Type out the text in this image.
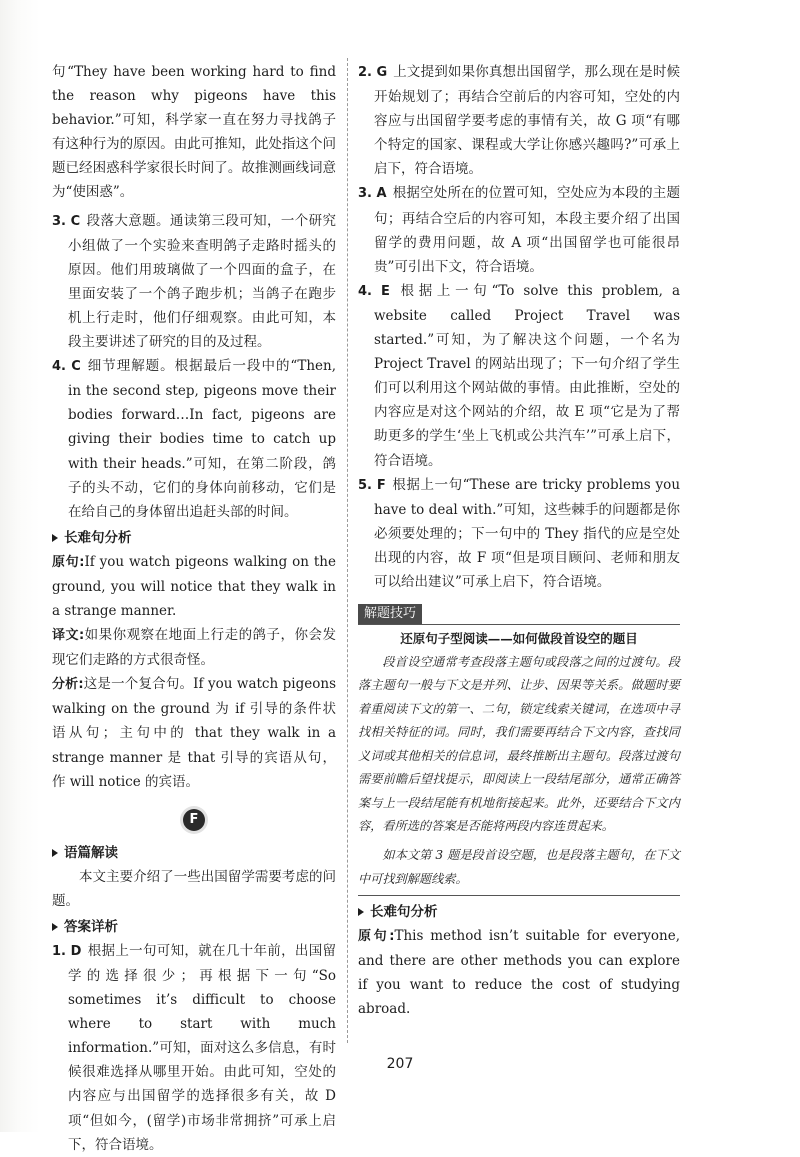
句“They have been working hard to find the reason why pigeons have this behavior.”可知，科学家一直在努力寻找鸽子有这种行为的原因。由此可推知，此处指这个问题已经困惑科学家很长时间了。故推测画线词意为“使困惑”。

3. C 段落大意题。通读第三段可知，一个研究小组做了一个实验来查明鸽子走路时摇头的原因。他们用玻璃做了一个四面的盒子，在里面安装了一个鸽子跑步机；当鸽子在跑步机上行走时，他们仔细观察。由此可知，本段主要讲述了研究的目的及过程。
4. C 细节理解题。根据最后一段中的“Then, in the second step, pigeons move their bodies forward…In fact, pigeons are giving their bodies time to catch up with their heads.”可知，在第二阶段，鸽子的头不动，它们的身体向前移动，它们是在给自己的身体留出追赶头部的时间。
长难句分析

原句:If you watch pigeons walking on the ground, you will notice that they walk in a strange manner.

译文:如果你观察在地面上行走的鸽子，你会发现它们走路的方式很奇怪。

分析:这是一个复合句。If you watch pigeons walking on the ground 为 if 引导的条件状语从句；主句中的 that they walk in a strange manner 是 that 引导的宾语从句，作 will notice 的宾语。

F
语篇解读

本文主要介绍了一些出国留学需要考虑的问题。

答案详析
1. D 根据上一句可知，就在几十年前，出国留学的选择很少；再根据下一句“So sometimes it’s difficult to choose where to start with much information.”可知，面对这么多信息，有时候很难选择从哪里开始。由此可知，空处的内容应与出国留学的选择很多有关，故 D 项“但如今，(留学)市场非常拥挤”可承上启下，符合语境。
2. G 上文提到如果你真想出国留学，那么现在是时候开始规划了；再结合空前后的内容可知，空处的内容应与出国留学要考虑的事情有关，故 G 项“有哪个特定的国家、课程或大学让你感兴趣吗?”可承上启下，符合语境。
3. A 根据空处所在的位置可知，空处应为本段的主题句；再结合空后的内容可知，本段主要介绍了出国留学的费用问题，故 A 项“出国留学也可能很昂贵”可引出下文，符合语境。
4. E 根据上一句“To solve this problem, a website called Project Travel was started.”可知，为了解决这个问题，一个名为 Project Travel 的网站出现了；下一句介绍了学生们可以利用这个网站做的事情。由此推断，空处的内容应是对这个网站的介绍，故 E 项“它是为了帮助更多的学生‘坐上飞机或公共汽车’”可承上启下，符合语境。
5. F 根据上一句“These are tricky problems you have to deal with.”可知，这些棘手的问题都是你必须要处理的；下一句中的 They 指代的应是空处出现的内容，故 F 项“但是项目顾问、老师和朋友可以给出建议”可承上启下，符合语境。
解题技巧

还原句子型阅读——如何做段首设空的题目

段首设空通常考查段落主题句或段落之间的过渡句。段落主题句一般与下文是并列、让步、因果等关系。做题时要着重阅读下文的第一、二句，锁定线索关键词，在选项中寻找相关特征的词。同时，我们需要再结合下文内容，查找同义词或其他相关的信息词，最终推断出主题句。段落过渡句需要前瞻后望找提示，即阅读上一段结尾部分，通常正确答案与上一段结尾能有机地衔接起来。此外，还要结合下文内容，看所选的答案是否能将两段内容连贯起来。

如本文第 3 题是段首设空题，也是段落主题句，在下文中可找到解题线索。

长难句分析

原句:This method isn’t suitable for everyone, and there are other methods you can explore if you want to reduce the cost of studying abroad.

207
